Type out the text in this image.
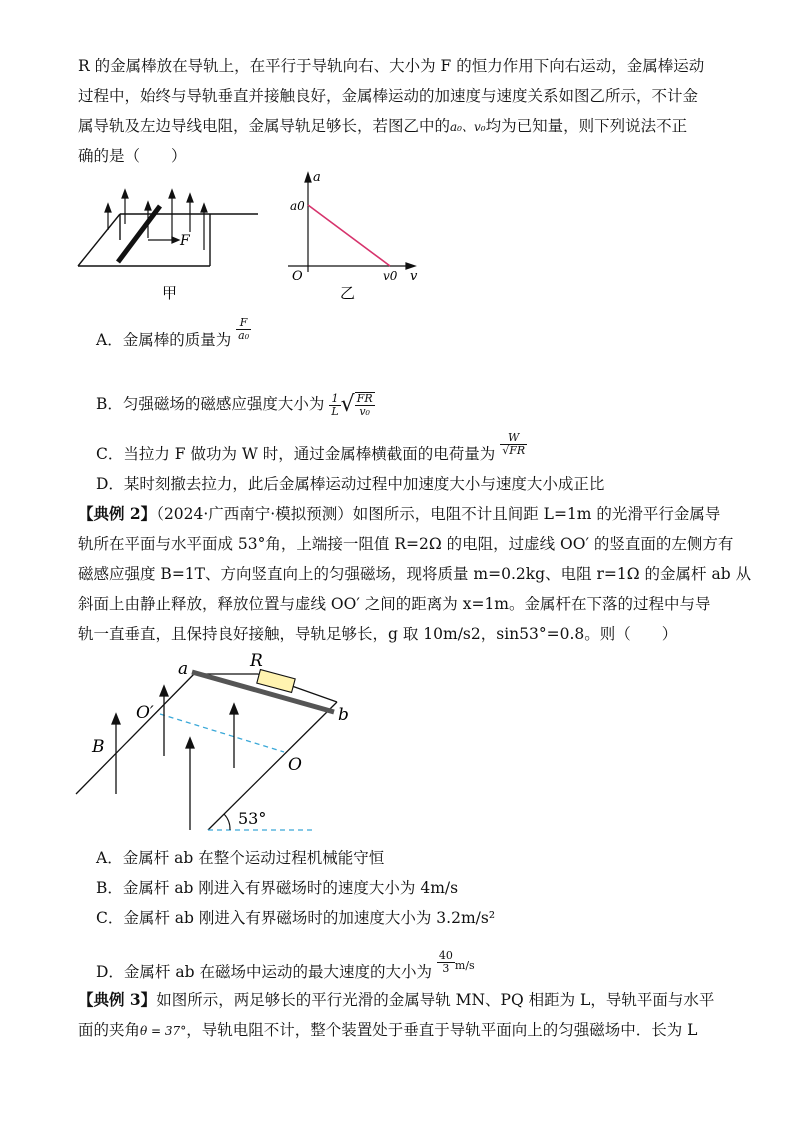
R 的金属棒放在导轨上，在平行于导轨向右、大小为 F 的恒力作用下向右运动，金属棒运动
过程中，始终与导轨垂直并接触良好，金属棒运动的加速度与速度关系如图乙所示，不计金
属导轨及左边导线电阻，金属导轨足够长，若图乙中的a₀、v₀均为已知量，则下列说法不正
确的是（　　）
F
甲
a
v
O
a0
v0
乙
A．金属棒的质量为 $\frac{F}{\text{a₀}}$
B．匀强磁场的磁感应强度大小为 $\frac{1}{L}$ √ $\frac{FR}{\text{v₀}}$
C．当拉力 F 做功为 W 时，通过金属棒横截面的电荷量为 $\frac{W}{√FR}$
D．某时刻撤去拉力，此后金属棒运动过程中加速度大小与速度大小成正比
【典例 2】（2024·广西南宁·模拟预测）如图所示，电阻不计且间距 L=1m 的光滑平行金属导
轨所在平面与水平面成 53°角，上端接一阻值 R=2Ω 的电阻，过虚线 OO′ 的竖直面的左侧方有
磁感应强度 B=1T、方向竖直向上的匀强磁场，现将质量 m=0.2kg、电阻 r=1Ω 的金属杆 ab 从
斜面上由静止释放，释放位置与虚线 OO′ 之间的距离为 x=1m。金属杆在下落的过程中与导
轨一直垂直，且保持良好接触，导轨足够长，g 取 10m/s2，sin53°=0.8。则（　　）
a	R
b
B
O′
O
53°
A．金属杆 ab 在整个运动过程机械能守恒
B．金属杆 ab 刚进入有界磁场时的速度大小为 4m/s
C．金属杆 ab 刚进入有界磁场时的加速度大小为 3.2m/s²
D．金属杆 ab 在磁场中运动的最大速度的大小为 $\frac{40}{3} ^{m/s}$
【典例 3】如图所示，两足够长的平行光滑的金属导轨 MN、PQ 相距为 L，导轨平面与水平
面的夹角θ = 37°，导轨电阻不计，整个装置处于垂直于导轨平面向上的匀强磁场中．长为 L
